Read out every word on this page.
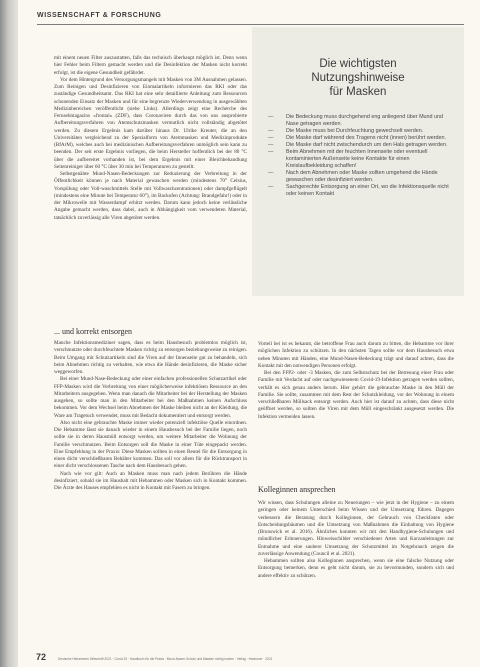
WISSENSCHAFT & FORSCHUNG

mit einem neuen Filter auszustatten, falls das technisch überhaupt möglich ist. Denn wenn hier Fehler beim Filtern gemacht werden und die Desinfektion der Masken nicht korrekt erfolgt, ist die eigene Gesundheit gefährdet.

Vor dem Hintergrund des Versorgungsmangels mit Masken von 3M Ausnahmen gelassen. Zum Reinigen und Desinfizieren von Einmalartikeln informieren das RKI oder das zuständige Gesundheitsamt. Das RKI hat eine sehr detaillierte Anleitung zum Ressourcen schonenden Einsatz der Masken und für eine begrenzte Wiederverwendung in ausgewählten Medizinbereichen veröffentlicht (siehe Links). Allerdings zeigt eine Recherche des Fernsehmagazins »frontal« (ZDF), dass Coronaviren durch das von uns ausprobierte Aufbereitungsverfahren von Atemschutzmasken vermutlich nicht vollständig abgetötet werden. Zu diesem Ergebnis kam darüber hinaus Dr. Ulrike Kreuter, die an den Universitäten vergleichend zu der Spezialform von Atemmasken und Medizinprodukte (BfArM), welches auch bei medizinischen Aufbereitungsverfahren unmöglich sein kann zu beenden. Der seit erste Ergebnis vorliegen, die beim Hersteller hoffentlich bei der 80 °C über die aufbereitet vorhanden ist, bei dem Ergebnis mit einer Bleichbehandlung Seitenreiniger über 60 °C über 30 min bei Temperaturen zu gestellt.

Selbstgenähte Mund-Nasen-Bedeckungen zur Reduzierung der Verbreitung in der Öffentlichkeit können je nach Material gewaschen werden (mindestens 70° Celsius, Vorspülung oder Voll-waschmittels Stelle mit Vollwaschzentrationen) oder dampfgeflügelt (mindestens eine Minute bei Temperatur 60°), im Backofen (Achtung: Brandgefahr!) oder in der Mikrowelle mit Wasserdampf erhitzt werden. Darum kann jedoch keine verlässliche Angabe gemacht werden, dass dabei, auch in Abhängigkeit vom verwendeten Material, tatsächlich zuverlässig alle Viren abgetötet werden.

Die wichtigsten
Nutzungshinweise
für Masken
—	Die Bedeckung muss durchgehend eng anliegend über Mund und Nase getragen werden.
—	Die Maske muss bei Durchfeuchtung gewechselt werden.
—	Die Maske darf während des Tragens nicht (innen) berührt werden.
—	Die Maske darf nicht zwischendurch um den Hals getragen werden.
—	Beim Abnehmen mit der feuchten Innenseite oder eventuell kontaminierten Außenseite keine Kontakte für einen Kreislaufbekleidung schaffen!
—	Nach dem Abnehmen oder Maske sollten umgehend die Hände gewaschen oder desinfiziert werden.
—	Sachgerechte Entsorgung an einer Ort, wo die Infektionsquelle nicht oder keinen Kontakt
... und korrekt entsorgen

Manche Infektionsmediziner sagen, dass es beim Hausbesuch problemlos möglich ist, verschmutzte oder durchfeuchtete Masken richtig zu entsorgen beziehungsweise zu reinigen. Beim Umgang mit Schutzartikeln sind die Viren auf der Innenseite gut zu behandeln, sich beim Abnehmen richtig zu verhalten, wie etwa die Hände desinfizieren, die Maske sicher weggeworfen.

Bei einer Mund-Nase-Bedeckung oder einer einfachen professionellen Schutzartikel oder FFP-Masken wird die Verbreitung von einer möglicherweise infektiösen Ressource an den Mitarbeitern ausgegeben. Wenn man danach die Mitarbeiter bei der Herstellung der Masken ausgehen, so sollte man in den Mitarbeiter bei den Maßnahmen keinen Aufschluss bekommen. Vor dem Wechsel beim Abnehmen der Maske bleiben nicht an der Kleidung, die Ware am Tragetuch verwendet, muss mit Bedacht dokumentiert und entsorgt werden.

Also nicht eine gebrauchte Maske immer wieder potenziell infektiöse Quelle einordnen. Die Hebamme lässt sie danach wieder in einem Hausbesuch bei der Familie liegen, noch sollte sie in deren Hausmüll entsorgt werden, um weitere Mitarbeiter die Wohnung der Familie verschmutzen. Beim Entsorgen soll die Maske in einer Tüte eingepackt werden. Eine Empfehlung in der Praxis: Diese Masken sollten in einen Beutel für die Entsorgung in einen dicht verschließbaren Behälter kommen. Das soll vor allem für die Rücktransport in einer dicht verschlossenen Tasche nach dem Hausbesuch gehen.

Nach wie vor gilt: Auch an Masken muss man nach jedem Berühren die Hände desinfiziert, sobald sie im Haushalt mit Hebammen oder Masken sich in Kontakt kommen. Die Ärzte des Hauses empfehlen es nicht in Kontakt mit Fasern zu bringen.

Vorteil bei ist es bekannt, die betroffene Frau auch darum zu bitten, die Hebamme vor ihrer möglichen Infektion zu schützen. In den nächsten Tagen sollte vor dem Hausbesuch etwa neben Minuten mit Händen, eine Mund-Nasen-Bedeckung trägt und darauf achten, dass die Kontakt mit den notwendigen Personen erfolgt.

Bei den FFP2- oder -3 Masken, die zum Selbstschutz bei der Betreuung einer Frau oder Familie mit Verdacht auf oder nachgewiesenem Covid-19-Infektion getragen werden sollten, verhält es sich genau anders herum. Hier gehört die gebrauchte Maske in den Müll der Familie. Sie sollte, zusammen mit dem Rest der Schutzkleidung, vor der Wohnung in einem verschließbaren Müllsack entsorgt werden. Auch hier ist darauf zu achten, dass diese nicht geöffnet werden, so sollten die Viren mit dem Müll eingeschränkt ausgesetzt werden. Die Infektion vermeiden lassen.

Kolleginnen ansprechen

Wir wissen, dass Schulungen alleine zu Neuerungen – wie jetzt in der Hygiene – zu einem geringen oder keinem Unterschied beim Wissen und der Umsetzung führen. Dagegen verbessern die Beratung durch Kolleginnen, der Gebrauch von Checklisten oder Entscheidungsbäumen und die Umsetzung von Maßnahmen die Einhaltung von Hygiene (Brunswick et al. 2016). Ähnliches konnten wir mit den Handhygiene-Schulungen und mündlicher Erinnerungen. Hinweisschilder verschiedener Arten und Kurzanleitungen zur Entnahme und eine saubere Umsetzung der Schutzmittel im Notgebrauch zeigen die zuverlässige Anwendung (Council et al. 2021).

Hebammen sollten also Kolleginnen ansprechen, wenn sie eine falsche Nutzung oder Entsorgung bemerken, denn es geht nicht darum, sie zu bevormunden, sondern sich und andere effektiv zu schützen.

72	Deutsche Hebammen Zeitschrift 2021 · Covid-19 · Handbuch für die Praxis · Mund-Nasen-Schutz und Masken richtig nutzen · Verlag · Hannover · 2021
